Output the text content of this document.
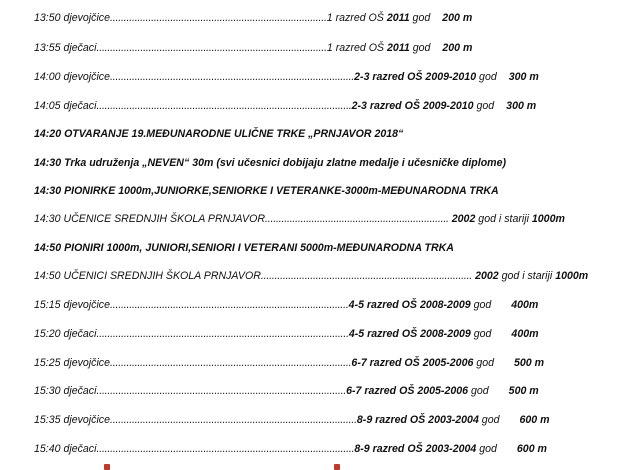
13:50
djevojčice ............................................................................... 1 razred OŠ
2011
god 200 m
13:55
dječaci .................................................................................... 1 razred OŠ
2011
god 200 m
14:00
djevojčice ......................................................................................... 2-3 razred OŠ
2009-2010
god 300 m
14:05
dječaci ............................................................................................. 2-3 razred OŠ
2009-2010
god 300 m
14:20
OTVARANJE 19.MEĐUNARODNE ULIČNE TRKE „PRNJAVOR 2018“
14:30
Trka udruženja „NEVEN“ 30m (svi učesnici dobijaju zlatne medalje i učesničke diplome)
14:30
PIONIRKE 1000m,JUNIORKE,SENIORKE I VETERANKE-3000m-MEĐUNARODNA TRKA
14:30
UČENICE SREDNJIH ŠKOLA PRNJAVOR ...................................................................
2002
god i stariji
1000m
14:50
PIONIRI 1000m, JUNIORI,SENIORI I VETERANI 5000m-MEĐUNARODNA TRKA
14:50
UČENICI SREDNJIH ŠKOLA PRNJAVOR .............................................................................
2002
god i stariji
1000m
15:15
djevojčice ....................................................................................... 4-5 razred OŠ
2008-2009
god 400m
15:20
dječaci ............................................................................................ 4-5 razred OŠ
2008-2009
god 400m
15:25
djevojčice ........................................................................................ 6-7 razred OŠ
2005-2006
god 500 m
15:30
dječaci ........................................................................................... 6-7 razred OŠ
2005-2006
god 500 m
15:35
djevojčice .......................................................................................... 8-9 razred OŠ
2003-2004
god 600 m
15:40
dječaci .............................................................................................. 8-9 razred OŠ
2003-2004
god 600 m
